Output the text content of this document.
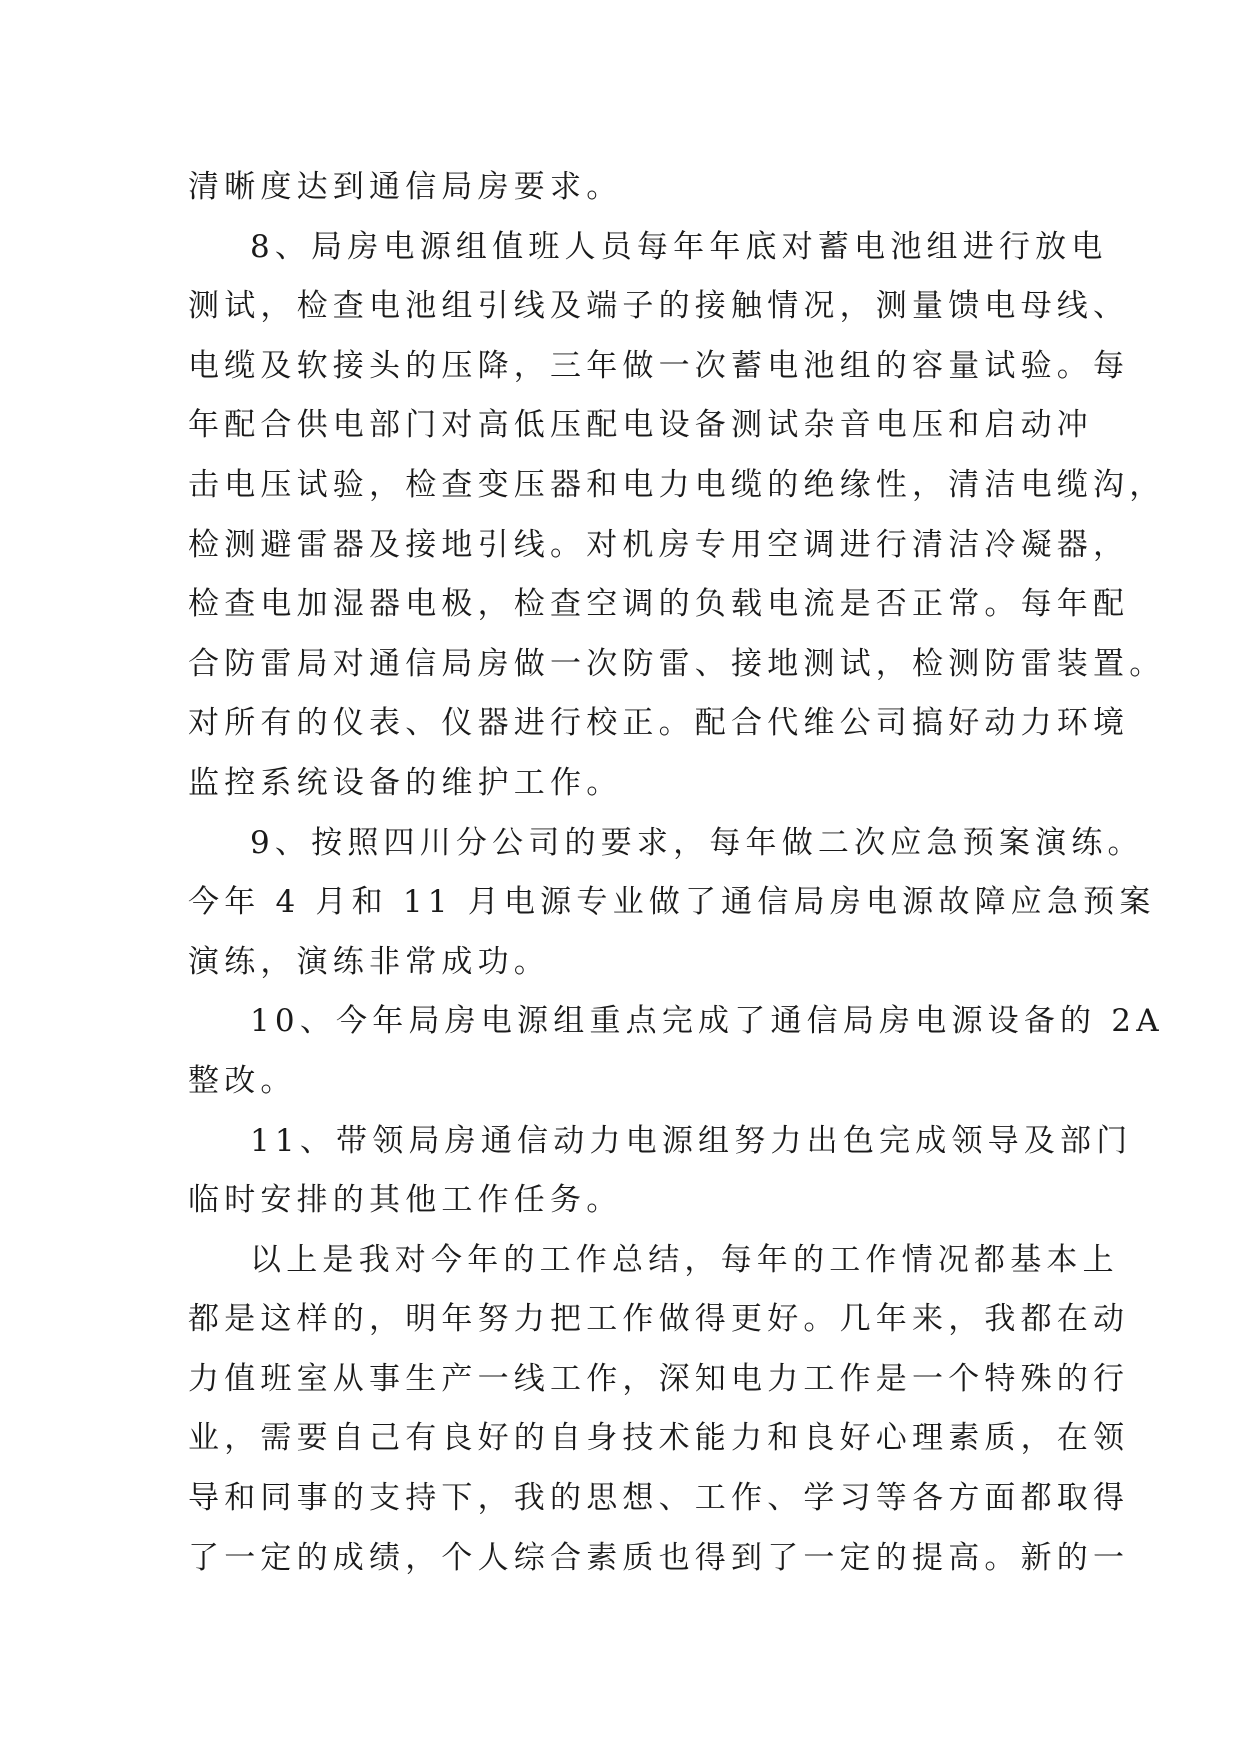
清晰度达到通信局房要求。
8、局房电源组值班人员每年年底对蓄电池组进行放电
测试，检查电池组引线及端子的接触情况，测量馈电母线、
电缆及软接头的压降，三年做一次蓄电池组的容量试验。每
年配合供电部门对高低压配电设备测试杂音电压和启动冲
击电压试验，检查变压器和电力电缆的绝缘性，清洁电缆沟，
检测避雷器及接地引线。对机房专用空调进行清洁冷凝器，
检查电加湿器电极，检查空调的负载电流是否正常。每年配
合防雷局对通信局房做一次防雷、接地测试，检测防雷装置。
对所有的仪表、仪器进行校正。配合代维公司搞好动力环境
监控系统设备的维护工作。
9、按照四川分公司的要求，每年做二次应急预案演练。
今年 4 月和 11 月电源专业做了通信局房电源故障应急预案
演练，演练非常成功。
10、今年局房电源组重点完成了通信局房电源设备的 2A
整改。
11、带领局房通信动力电源组努力出色完成领导及部门
临时安排的其他工作任务。
以上是我对今年的工作总结，每年的工作情况都基本上
都是这样的，明年努力把工作做得更好。几年来，我都在动
力值班室从事生产一线工作，深知电力工作是一个特殊的行
业，需要自己有良好的自身技术能力和良好心理素质，在领
导和同事的支持下，我的思想、工作、学习等各方面都取得
了一定的成绩，个人综合素质也得到了一定的提高。新的一
